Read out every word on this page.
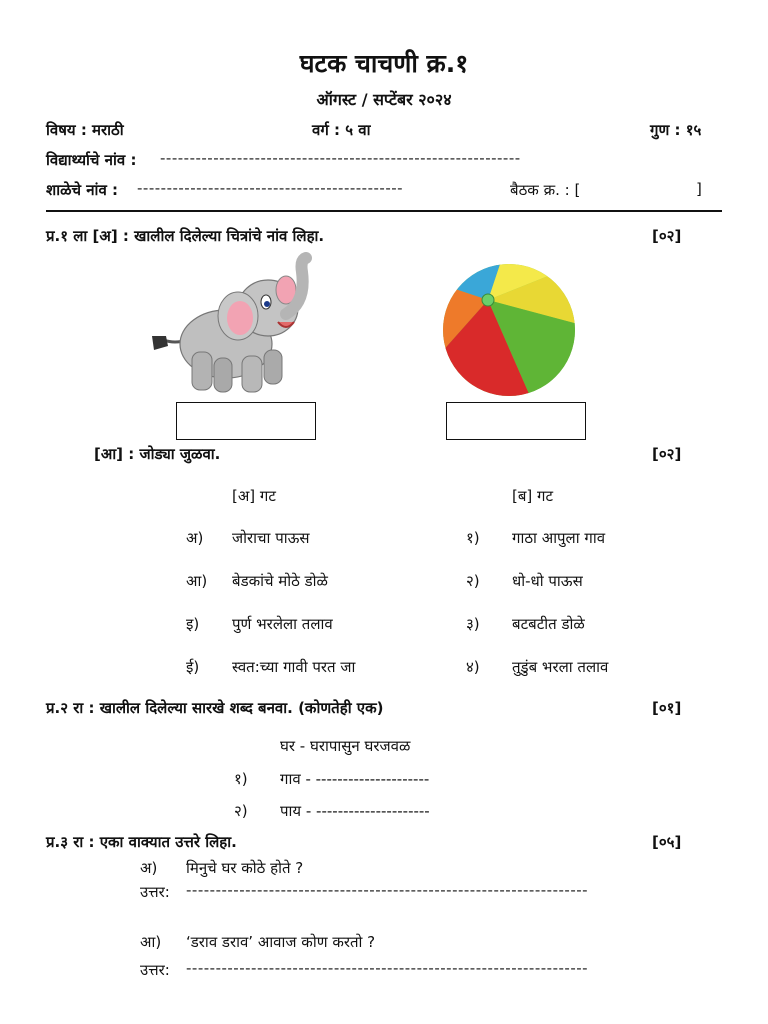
घटक चाचणी क्र.१
ऑगस्ट / सप्टेंबर २०२४
विषय : मराठी	वर्ग : ५ वा	गुण : १५
विद्यार्थ्याचे नांव : -------------------------------------------------------------
शाळेचे नांव : ---------------------------------------------	बैठक क्र. : [	]
प्र.१ ला [अ] : खालील दिलेल्या चित्रांचे नांव लिहा.	[०२]
[आ] : जोड्या जुळवा.	[०२]
[अ] गट	[ब] गट
अ) जोराचा पाऊस	१) गाठा आपुला गाव
आ) बेडकांचे मोठे डोळे	२) धो-धो पाऊस
इ) पुर्ण भरलेला तलाव	३) बटबटीत डोळे
ई) स्वत:च्या गावी परत जा	४) तुडुंब भरला तलाव
प्र.२ रा : खालील दिलेल्या सारखे शब्द बनवा. (कोणतेही एक)	[०१]
घर - घरापासुन घरजवळ
१) गाव - ---------------------
२) पाय - ---------------------
प्र.३ रा : एका वाक्यात उत्तरे लिहा.	[०५]
अ) मिनुचे घर कोठे होते ?
उत्तर: --------------------------------------------------------------------
आ) ‘डराव डराव’ आवाज कोण करतो ?
उत्तर: --------------------------------------------------------------------
